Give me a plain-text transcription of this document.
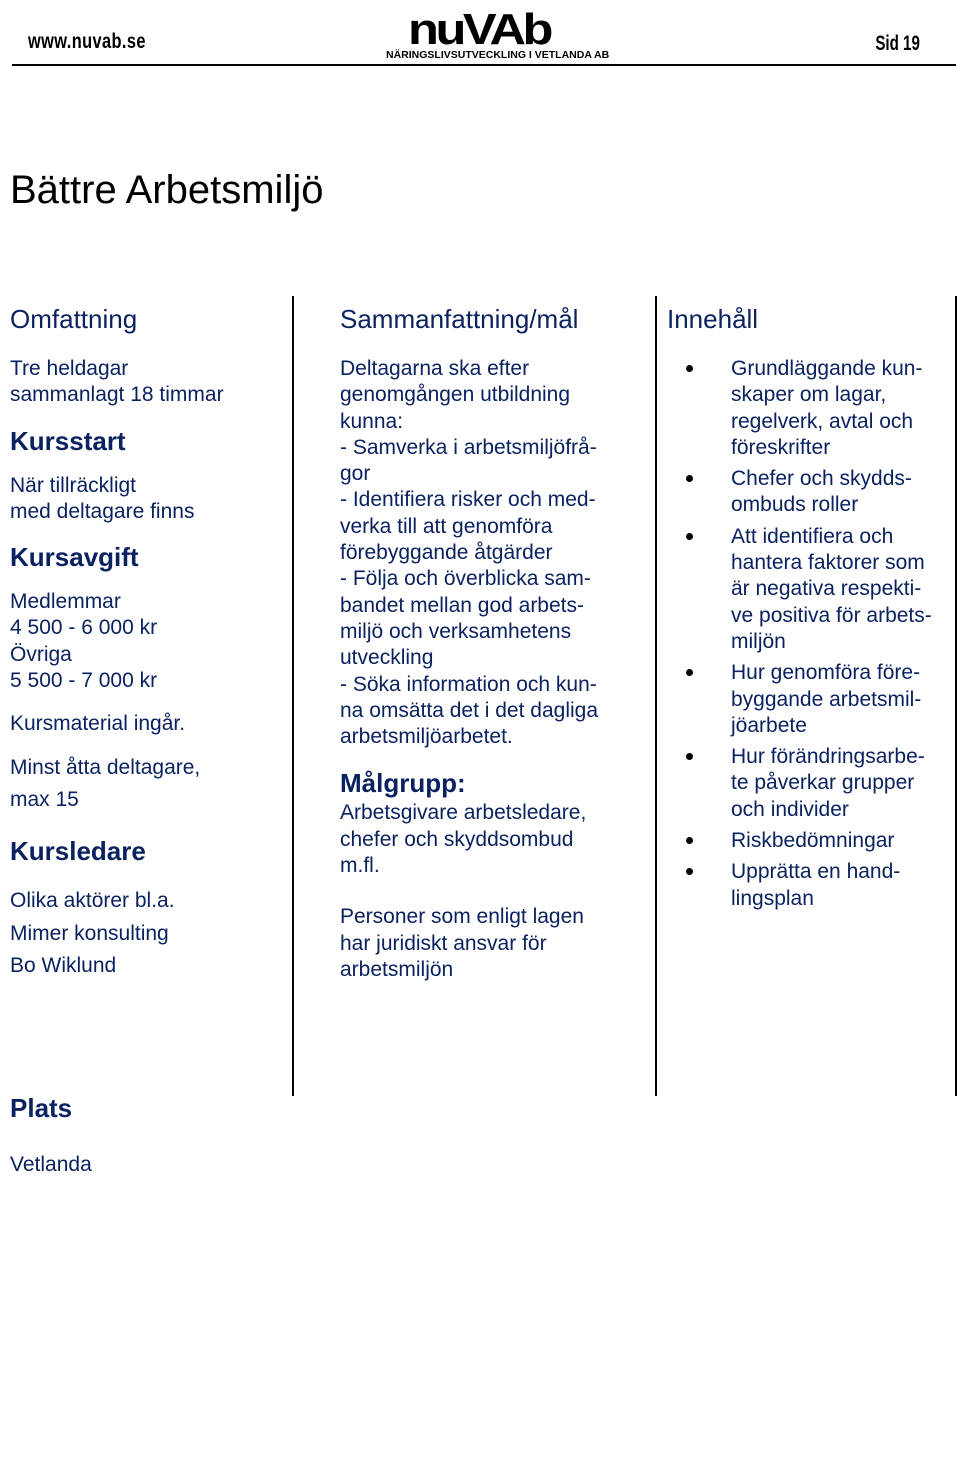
www.nuvab.se	nuVAb
NÄRINGSLIVSUTVECKLING I VETLANDA AB	Sid 19
Bättre Arbetsmiljö
Omfattning
Tre heldagar
sammanlagt 18 timmar
Kursstart
När tillräckligt
med deltagare finns
Kursavgift
Medlemmar
4 500 - 6 000 kr
Övriga
5 500 - 7 000 kr
Kursmaterial ingår.
Minst åtta deltagare,
max 15
Kursledare
Olika aktörer bl.a.
Mimer konsulting
Bo Wiklund
Sammanfattning/mål
Deltagarna ska efter
genomgången utbildning
kunna:
- Samverka i arbetsmiljöfrå-
gor
- Identifiera risker och med-
verka till att genomföra
förebyggande åtgärder
- Följa och överblicka sam-
bandet mellan god arbets-
miljö och verksamhetens
utveckling
- Söka information och kun-
na omsätta det i det dagliga
arbetsmiljöarbetet.
Målgrupp:
Arbetsgivare arbetsledare,
chefer och skyddsombud
m.fl.
Personer som enligt lagen
har juridiskt ansvar för
arbetsmiljön
Innehåll
Grundläggande kun-
skaper om lagar,
regelverk, avtal och
föreskrifter
Chefer och skydds-
ombuds roller
Att identifiera och
hantera faktorer som
är negativa respekti-
ve positiva för arbets-
miljön
Hur genomföra före-
byggande arbetsmil-
jöarbete
Hur förändringsarbe-
te påverkar grupper
och individer
Riskbedömningar
Upprätta en hand-
lingsplan
Plats
Vetlanda
